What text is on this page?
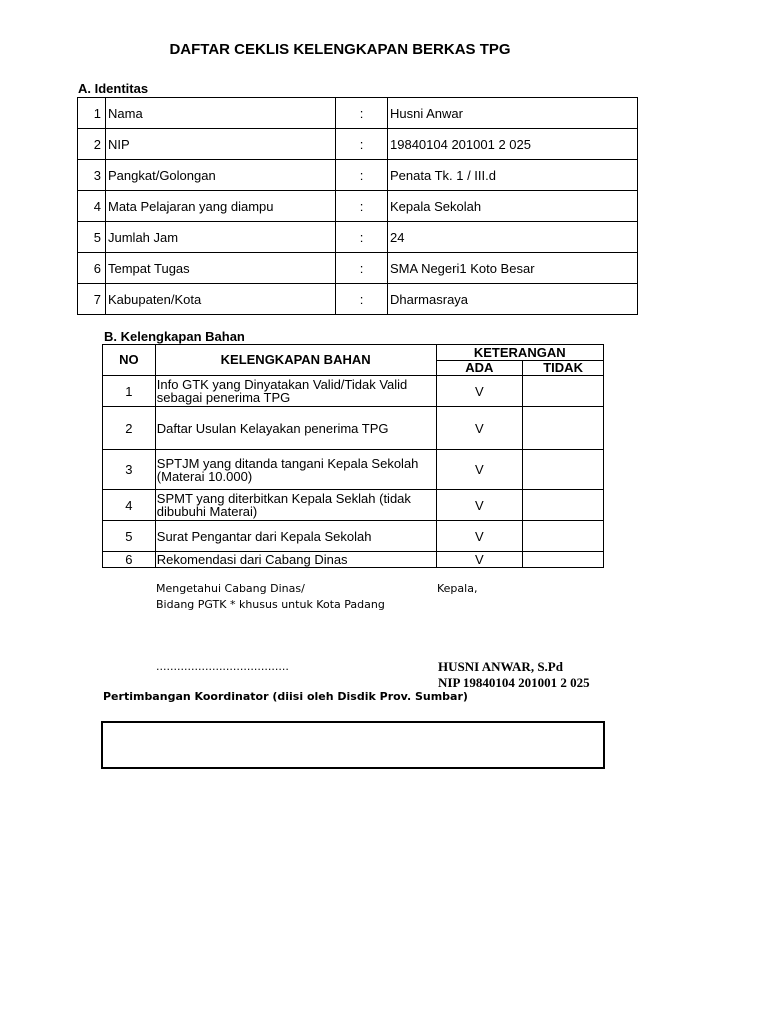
DAFTAR CEKLIS KELENGKAPAN BERKAS TPG
A. Identitas
1	Nama	:	Husni Anwar
2	NIP	:	19840104 201001 2 025
3	Pangkat/Golongan	:	Penata Tk. 1 / III.d
4	Mata Pelajaran yang diampu	:	Kepala Sekolah
5	Jumlah Jam	:	24
6	Tempat Tugas	:	SMA Negeri1 Koto Besar
7	Kabupaten/Kota	:	Dharmasraya
B. Kelengkapan Bahan
NO	KELENGKAPAN BAHAN	KETERANGAN	
		ADA	TIDAK
1	Info GTK yang Dinyatakan Valid/Tidak Valid
sebagai penerima TPG	V	
2	Daftar Usulan Kelayakan penerima TPG	V	
3	SPTJM yang ditanda tangani Kepala Sekolah
(Materai 10.000)	V	
4	SPMT yang diterbitkan Kepala Seklah (tidak
dibubuhi Materai)	V	
5	Surat Pengantar dari Kepala Sekolah	V	
6	Rekomendasi dari Cabang Dinas	V	
Mengetahui Cabang Dinas/
Bidang PGTK * khusus untuk Kota Padang
Kepala,
......................................	HUSNI ANWAR, S.Pd
NIP 19840104 201001 2 025
Pertimbangan Koordinator (diisi oleh Disdik Prov. Sumbar)
